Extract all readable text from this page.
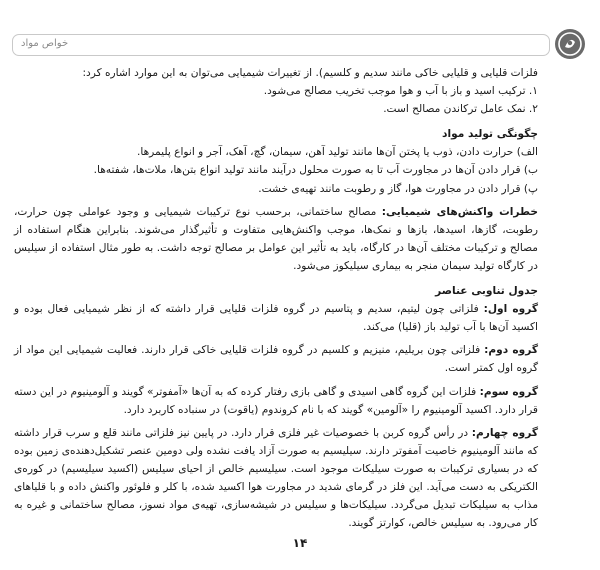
خواص مواد

فلزات قلیایی و قلیایی خاکی مانند سدیم و کلسیم). از تغییرات شیمیایی می‌توان به این موارد اشاره کرد:

۱. ترکیب اسید و باز با آب و هوا موجب تخریب مصالح می‌شود.

۲. نمک عامل ترکاندن مصالح است.

چگونگی تولید مواد

الف) حرارت دادن، ذوب یا پختن آن‌ها مانند تولید آهن، سیمان، گچ، آهک، آجر و انواع پلیمرها.

ب) قرار دادن آن‌ها در مجاورت آب تا به صورت محلول درآیند مانند تولید انواع بتن‌ها، ملات‌ها، شفته‌ها.

پ) قرار دادن در مجاورت هوا، گاز و رطوبت مانند تهیه‌ی خشت.

خطرات واکنش‌های شیمیایی: مصالح ساختمانی، برحسب نوع ترکیبات شیمیایی و وجود عواملی چون حرارت، رطوبت، گازها، اسیدها، بازها و نمک‌ها، موجب واکنش‌هایی متفاوت و تأثیرگذار می‌شوند. بنابراین هنگام استفاده از مصالح و ترکیبات مختلف آن‌ها در کارگاه، باید به تأثیر این عوامل بر مصالح توجه داشت. به طور مثال استفاده از سیلیس در کارگاه تولید سیمان منجر به بیماری سیلیکوز می‌شود.

جدول تناوبی عناصر

گروه اول: فلزاتی چون لیتیم، سدیم و پتاسیم در گروه فلزات قلیایی قرار داشته که از نظر شیمیایی فعال بوده و اکسید آن‌ها با آب تولید باز (قلیا) می‌کند.

گروه دوم: فلزاتی چون بریلیم، منیزیم و کلسیم در گروه فلزات قلیایی خاکی قرار دارند. فعالیت شیمیایی این مواد از گروه اول کمتر است.

گروه سوم: فلزات این گروه گاهی اسیدی و گاهی بازی رفتار کرده که به آن‌ها «آمفوتر» گویند و آلومینیوم در این دسته قرار دارد. اکسید آلومینیوم را «آلومین» گویند که با نام کروندوم (یاقوت) در سنباده کاربرد دارد.

گروه چهارم: در رأس گروه کربن با خصوصیات غیر فلزی قرار دارد. در پایین نیز فلزاتی مانند قلع و سرب قرار داشته که مانند آلومینیوم خاصیت آمفوتر دارند. سیلیسیم به صورت آزاد یافت نشده ولی دومین عنصر تشکیل‌دهنده‌ی زمین بوده که در بسیاری ترکیبات به صورت سیلیکات موجود است. سیلیسیم خالص از احیای سیلیس (اکسید سیلیسیم) در کوره‌ی الکتریکی به دست می‌آید. این فلز در گرمای شدید در مجاورت هوا اکسید شده، با کلر و فلوئور واکنش داده و با قلیاهای مذاب به سیلیکات تبدیل می‌گردد. سیلیکات‌ها و سیلیس در شیشه‌سازی، تهیه‌ی مواد نسوز، مصالح ساختمانی و غیره به کار می‌رود. به سیلیس خالص، کوارتز گویند.

۱۴
